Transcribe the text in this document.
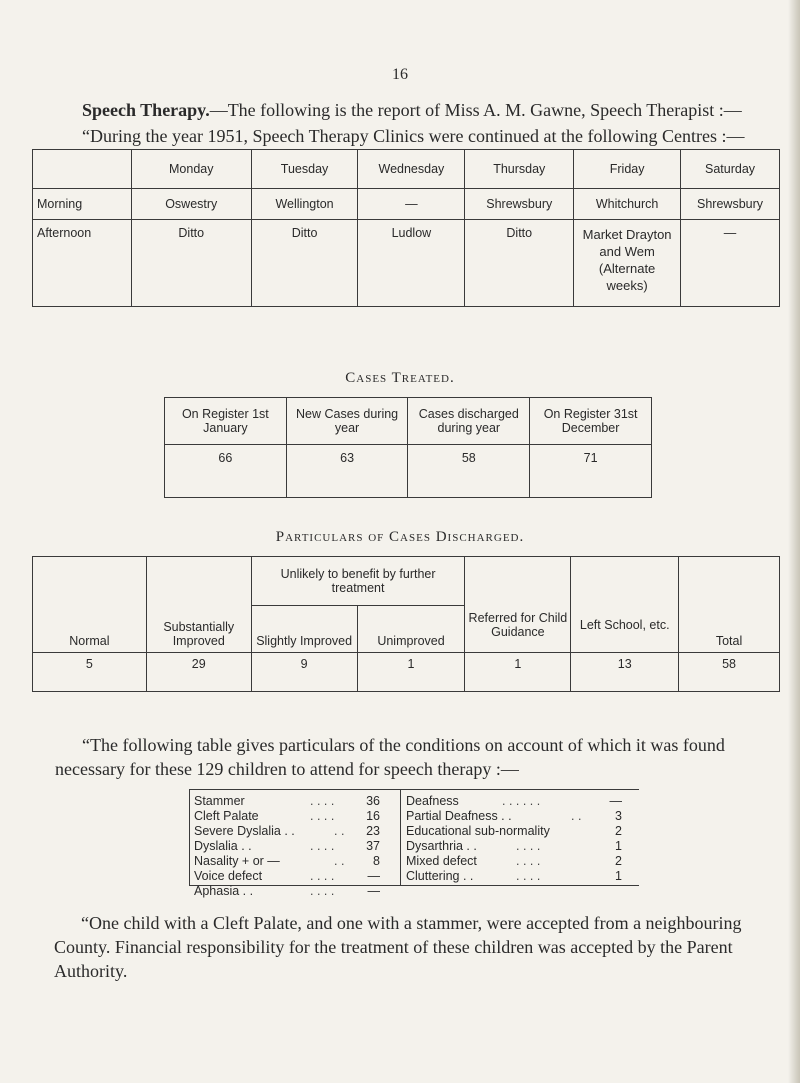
16
Speech Therapy.—The following is the report of Miss A. M. Gawne, Speech Therapist :—
“During the year 1951, Speech Therapy Clinics were continued at the following Centres :—
	Monday	Tuesday	Wednesday	Thursday	Friday	Saturday
Morning	Oswestry	Wellington	—	Shrewsbury	Whitchurch	Shrewsbury
Afternoon	Ditto	Ditto	Ludlow	Ditto	Market Drayton and Wem (Alternate weeks)	—
Cases Treated.
On Register 1st January	New Cases during year	Cases discharged during year	On Register 31st December
66	63	58	71
Particulars of Cases Discharged.
Normal	Substantially Improved	Unlikely to benefit by further treatment		Referred for Child Guidance	Left School, etc.	Total
		Slightly Improved	Unimproved			
5	29	9	1	1	13	58
“The following table gives particulars of the conditions on account of which it was found necessary for these 129 children to attend for speech therapy :—
Stammer	. . . .	36
Cleft Palate	. . . .	16
Severe Dyslalia . .	. .	23
Dyslalia . .	. . . .	37
Nasality + or —	. .	8
Voice defect	. . . .	—
Aphasia . .	. . . .	—
Deafness	. . . . . .	—
Partial Deafness . .	. .	3
Educational sub-normality	2
Dysarthria . .	. . . .	1
Mixed defect	. . . .	2
Cluttering . .	. . . .	1
“One child with a Cleft Palate, and one with a stammer, were accepted from a neighbouring County. Financial responsibility for the treatment of these children was accepted by the Parent Authority.
